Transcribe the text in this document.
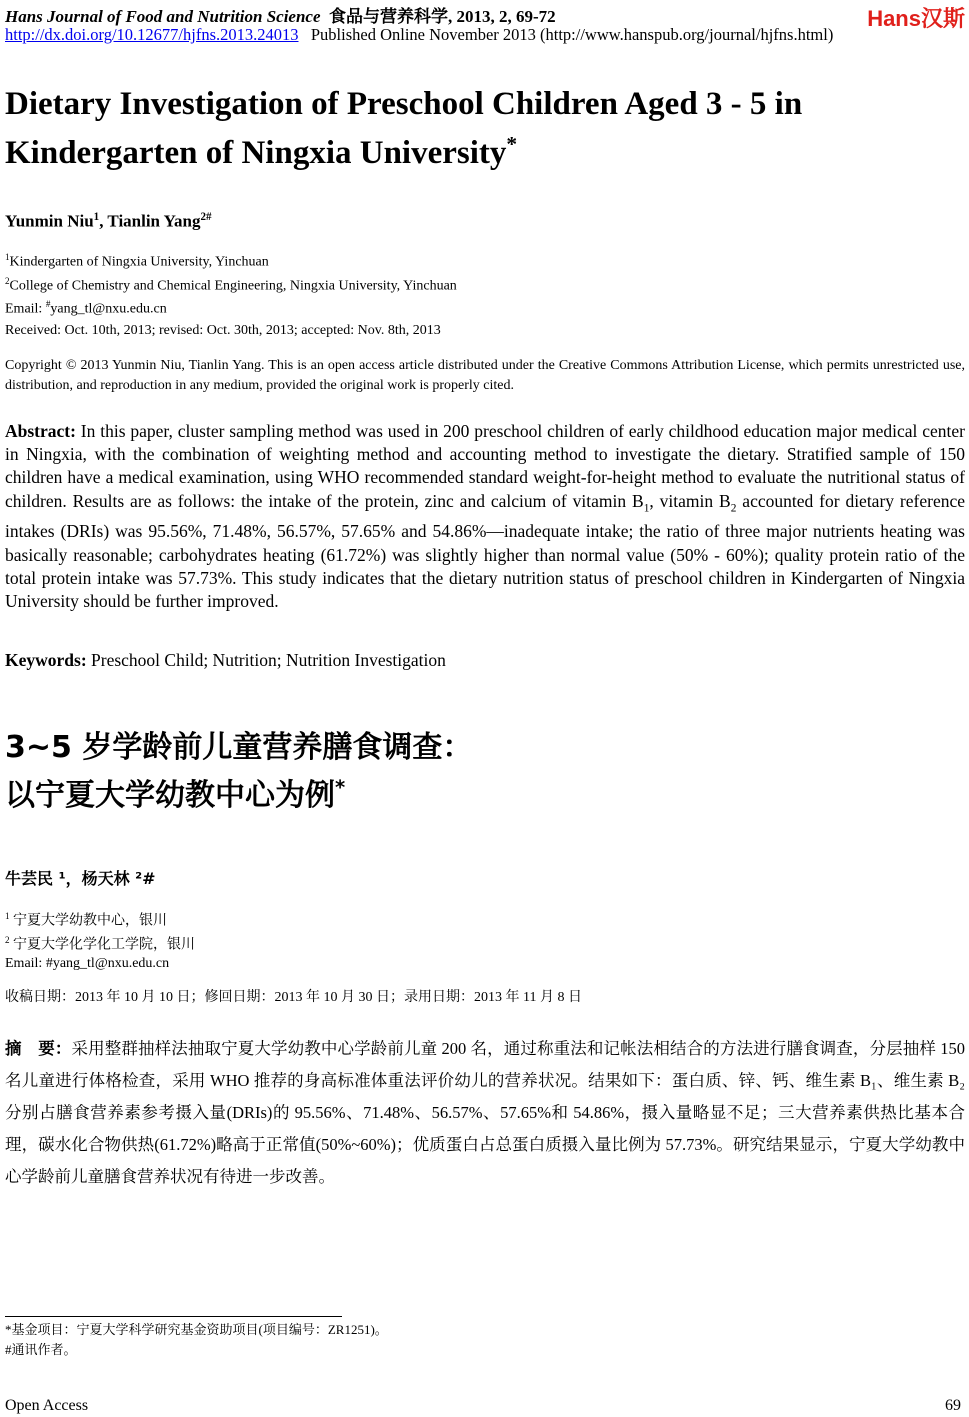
Hans Journal of Food and Nutrition Science 食品与营养科学, 2013, 2, 69-72	Hans汉斯
http://dx.doi.org/10.12677/hjfns.2013.24013 Published Online November 2013 (http://www.hanspub.org/journal/hjfns.html)
Dietary Investigation of Preschool Children Aged 3 - 5 in Kindergarten of Ningxia University*
Yunmin Niu$^1$, Tianlin Yang$^{2\#}$
$^1$Kindergarten of Ningxia University, Yinchuan
$^2$College of Chemistry and Chemical Engineering, Ningxia University, Yinchuan
Email: #yang_tl@nxu.edu.cn
Received: Oct. 10th, 2013; revised: Oct. 30th, 2013; accepted: Nov. 8th, 2013
Copyright © 2013 Yunmin Niu, Tianlin Yang. This is an open access article distributed under the Creative Commons Attribution License, which permits unrestricted use, distribution, and reproduction in any medium, provided the original work is properly cited.
Abstract: In this paper, cluster sampling method was used in 200 preschool children of early childhood education major medical center in Ningxia, with the combination of weighting method and accounting method to investigate the dietary. Stratified sample of 150 children have a medical examination, using WHO recommended standard weight-for-height method to evaluate the nutritional status of children. Results are as follows: the intake of the protein, zinc and calcium of vitamin $B_1$, vitamin $B_2$ accounted for dietary reference intakes (DRIs) was 95.56%, 71.48%, 56.57%, 57.65% and 54.86%—inadequate intake; the ratio of three major nutrients heating was basically reasonable; carbohydrates heating (61.72%) was slightly higher than normal value (50% - 60%); quality protein ratio of the total protein intake was 57.73%. This study indicates that the dietary nutrition status of preschool children in Kindergarten of Ningxia University should be further improved.
Keywords: Preschool Child; Nutrition; Nutrition Investigation
3~5 岁学龄前儿童营养膳食调查：
以宁夏大学幼教中心为例*
牛芸民 ¹，杨天林 ²#
$^1$ 宁夏大学幼教中心，银川
$^2$ 宁夏大学化学化工学院，银川
Email: #yang_tl@nxu.edu.cn
收稿日期：2013 年 10 月 10 日；修回日期：2013 年 10 月 30 日；录用日期：2013 年 11 月 8 日
摘　要：采用整群抽样法抽取宁夏大学幼教中心学龄前儿童 200 名，通过称重法和记帐法相结合的方法进行膳食调查，分层抽样 150 名儿童进行体格检查，采用 WHO 推荐的身高标准体重法评价幼儿的营养状况。结果如下：蛋白质、锌、钙、维生素 B₁、维生素 B₂ 分别占膳食营养素参考摄入量(DRIs)的 95.56%、71.48%、56.57%、57.65%和 54.86%，摄入量略显不足；三大营养素供热比基本合理，碳水化合物供热(61.72%)略高于正常值(50%~60%)；优质蛋白占总蛋白质摄入量比例为 57.73%。研究结果显示，宁夏大学幼教中心学龄前儿童膳食营养状况有待进一步改善。
*基金项目：宁夏大学科学研究基金资助项目(项目编号：ZR1251)。
#通讯作者。
Open Access	69
